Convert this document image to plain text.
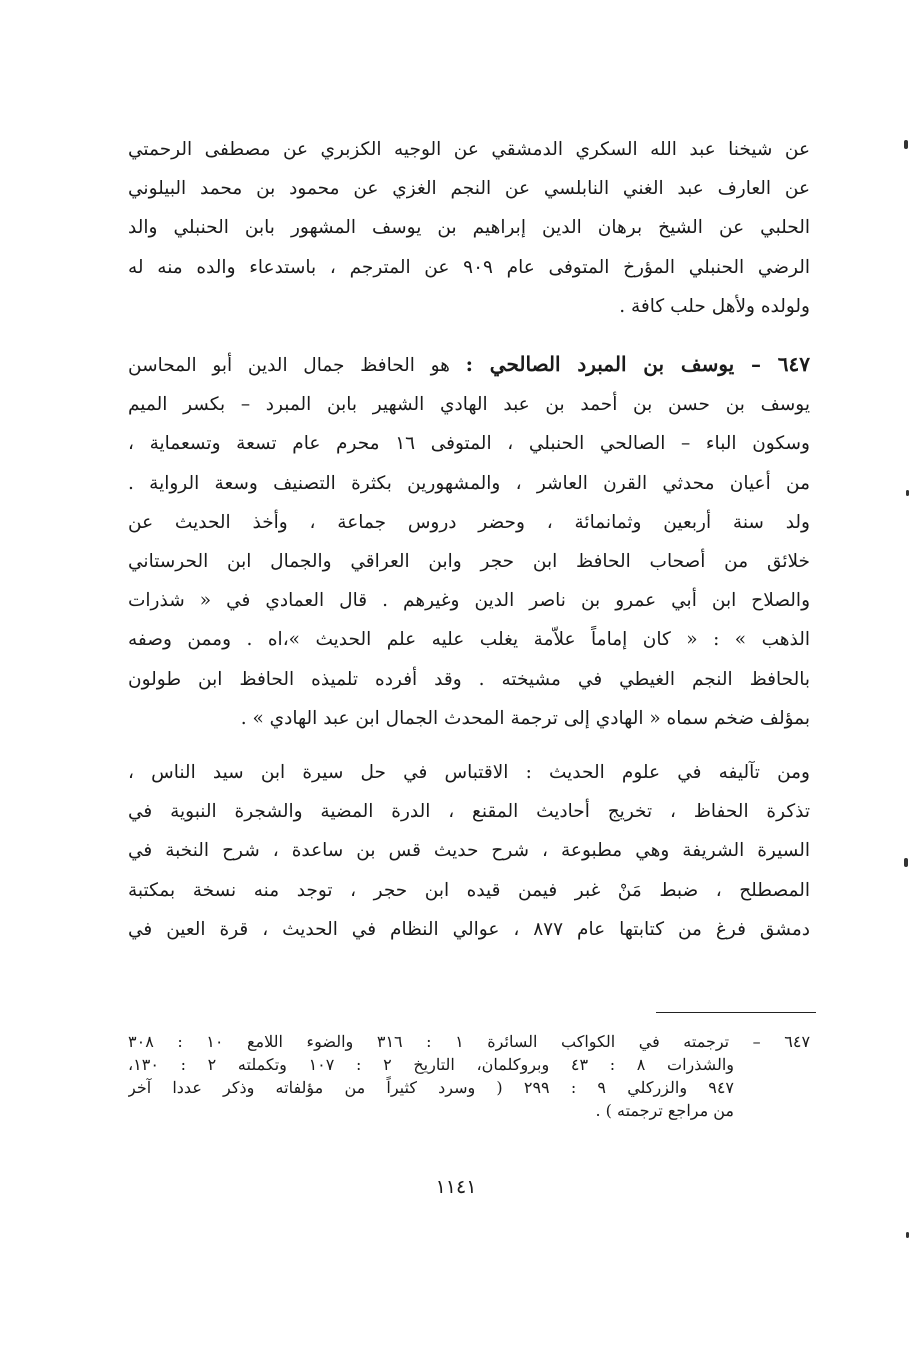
عن شيخنا عبد الله السكري الدمشقي عن الوجيه الكزبري عن مصطفى الرحمتي
عن العارف عبد الغني النابلسي عن النجم الغزي عن محمود بن محمد البيلوني
الحلبي عن الشيخ برهان الدين إبراهيم بن يوسف المشهور بابن الحنبلي والد
الرضي الحنبلي المؤرخ المتوفى عام ٩٠٩ عن المترجم ، باستدعاء والده منه له
ولولده ولأهل حلب كافة .

٦٤٧ – يوسف بن المبرد الصالحي : هو الحافظ جمال الدين أبو المحاسن
يوسف بن حسن بن أحمد بن عبد الهادي الشهير بابن المبرد – بكسر الميم
وسكون الباء – الصالحي الحنبلي ، المتوفى ١٦ محرم عام تسعة وتسعماية ،
من أعيان محدثي القرن العاشر ، والمشهورين بكثرة التصنيف وسعة الرواية .
ولد سنة أربعين وثمانمائة ، وحضر دروس جماعة ، وأخذ الحديث عن
خلائق من أصحاب الحافظ ابن حجر وابن العراقي والجمال ابن الحرستاني
والصلاح ابن أبي عمرو بن ناصر الدين وغيرهم . قال العمادي في « شذرات
الذهب » : « كان إماماً علاّمة يغلب عليه علم الحديث »،اه . وممن وصفه
بالحافظ النجم الغيطي في مشيخته . وقد أفرده تلميذه الحافظ ابن طولون
بمؤلف ضخم سماه « الهادي إلى ترجمة المحدث الجمال ابن عبد الهادي » .

ومن تآليفه في علوم الحديث : الاقتباس في حل سيرة ابن سيد الناس ،
تذكرة الحفاظ ، تخريج أحاديث المقنع ، الدرة المضية والشجرة النبوية في
السيرة الشريفة وهي مطبوعة ، شرح حديث قس بن ساعدة ، شرح النخبة في
المصطلح ، ضبط مَنْ غبر فيمن قيده ابن حجر ، توجد منه نسخة بمكتبة
دمشق فرغ من كتابتها عام ٨٧٧ ، عوالي النظام في الحديث ، قرة العين في

٦٤٧ – ترجمته في الكواكب السائرة ١ : ٣١٦ والضوء اللامع ١٠ : ٣٠٨
والشذرات ٨ : ٤٣ وبروكلمان، التاريخ ٢ : ١٠٧ وتكملته ٢ : ١٣٠،
٩٤٧ والزركلي ٩ : ٢٩٩ ( وسرد كثيراً من مؤلفاته وذكر عددا آخر
من مراجع ترجمته ) .
١١٤١
